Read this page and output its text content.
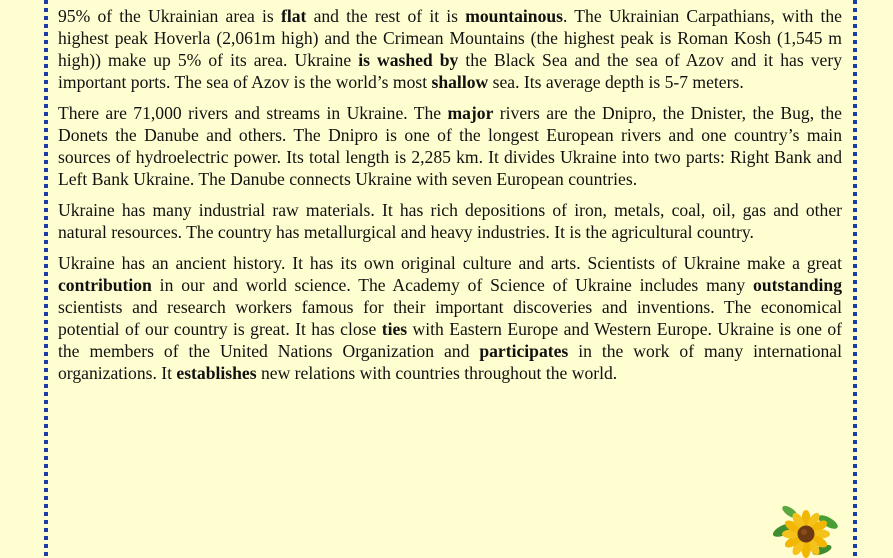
95% of the Ukrainian area is flat and the rest of it is mountainous. The Ukrainian Carpathians, with the highest peak Hoverla (2,061m high) and the Crimean Mountains (the highest peak is Roman Kosh (1,545 m high)) make up 5% of its area. Ukraine is washed by the Black Sea and the sea of Azov and it has very important ports. The sea of Azov is the world’s most shallow sea. Its average depth is 5-7 meters.

There are 71,000 rivers and streams in Ukraine. The major rivers are the Dnipro, the Dnister, the Bug, the Donets the Danube and others. The Dnipro is one of the longest European rivers and one country’s main sources of hydroelectric power. Its total length is 2,285 km. It divides Ukraine into two parts: Right Bank and Left Bank Ukraine. The Danube connects Ukraine with seven European countries.

Ukraine has many industrial raw materials. It has rich depositions of iron, metals, coal, oil, gas and other natural resources. The country has metallurgical and heavy industries. It is the agricultural country.

Ukraine has an ancient history. It has its own original culture and arts. Scientists of Ukraine make a great contribution in our and world science. The Academy of Science of Ukraine includes many outstanding scientists and research workers famous for their important discoveries and inventions. The economical potential of our country is great. It has close ties with Eastern Europe and Western Europe. Ukraine is one of the members of the United Nations Organization and participates in the work of many international organizations. It establishes new relations with countries throughout the world.
